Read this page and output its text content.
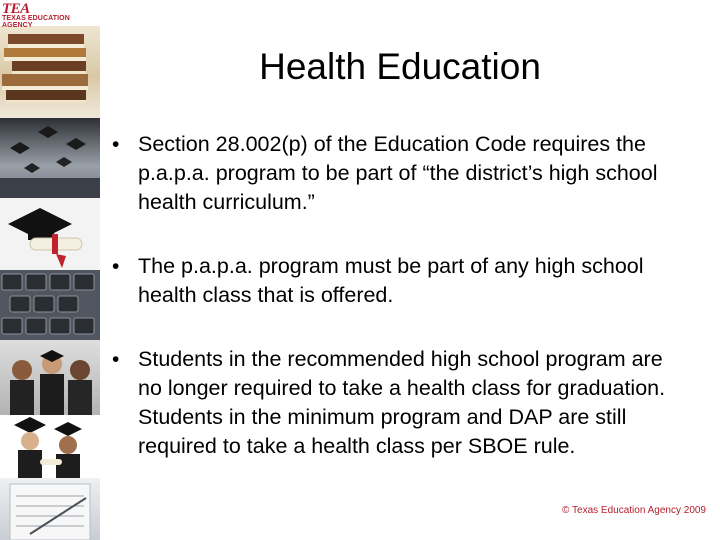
TEA
TEXAS EDUCATION AGENCY
Health Education
• Section 28.002(p) of the Education Code requires the p.a.p.a. program to be part of “the district’s high school health curriculum.”
• The p.a.p.a. program must be part of any high school health class that is offered.
• Students in the recommended high school program are no longer required to take a health class for graduation. Students in the minimum program and DAP are still required to take a health class per SBOE rule.
© Texas Education Agency 2009
